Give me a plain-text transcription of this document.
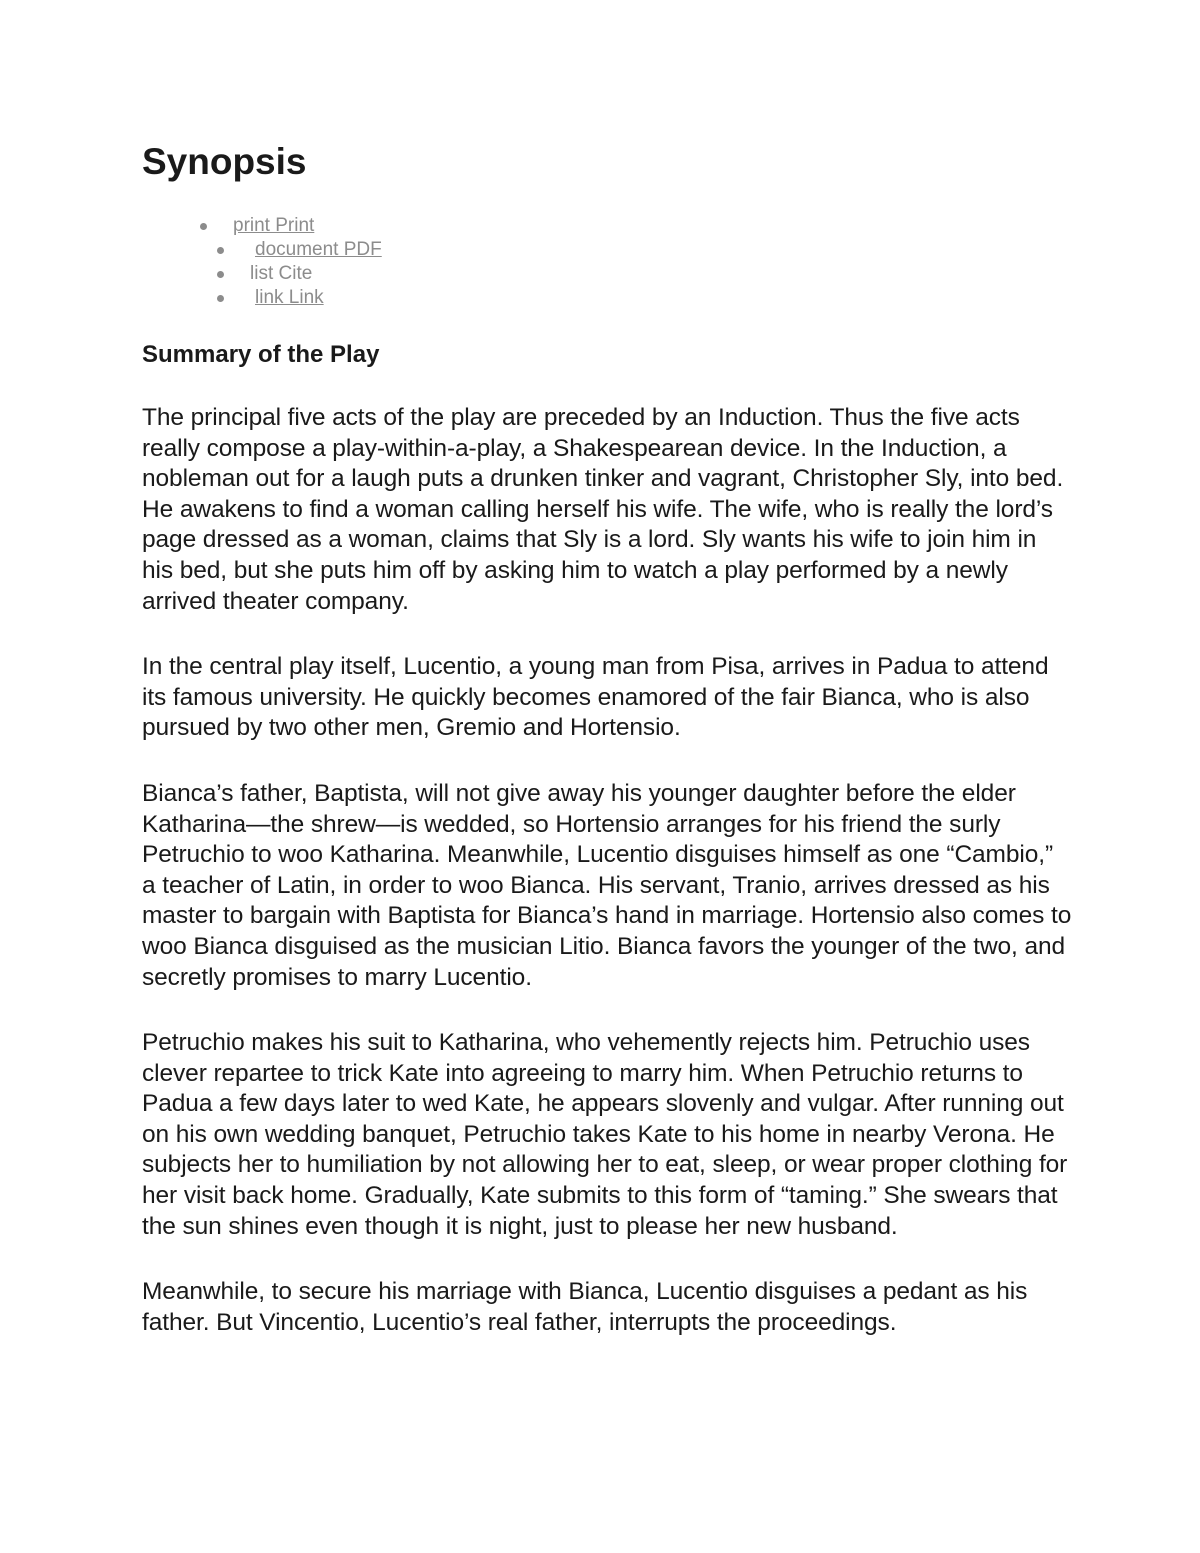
Synopsis
print Print
document PDF
list Cite
link Link
Summary of the Play

The principal five acts of the play are preceded by an Induction. Thus the five acts really compose a play-within-a-play, a Shakespearean device. In the Induction, a nobleman out for a laugh puts a drunken tinker and vagrant, Christopher Sly, into bed. He awakens to find a woman calling herself his wife. The wife, who is really the lord’s page dressed as a woman, claims that Sly is a lord. Sly wants his wife to join him in his bed, but she puts him off by asking him to watch a play performed by a newly arrived theater company.

In the central play itself, Lucentio, a young man from Pisa, arrives in Padua to attend its famous university. He quickly becomes enamored of the fair Bianca, who is also pursued by two other men, Gremio and Hortensio.

Bianca’s father, Baptista, will not give away his younger daughter before the elder Katharina—the shrew—is wedded, so Hortensio arranges for his friend the surly Petruchio to woo Katharina. Meanwhile, Lucentio disguises himself as one “Cambio,” a teacher of Latin, in order to woo Bianca. His servant, Tranio, arrives dressed as his master to bargain with Baptista for Bianca’s hand in marriage. Hortensio also comes to woo Bianca disguised as the musician Litio. Bianca favors the younger of the two, and secretly promises to marry Lucentio.

Petruchio makes his suit to Katharina, who vehemently rejects him. Petruchio uses clever repartee to trick Kate into agreeing to marry him. When Petruchio returns to Padua a few days later to wed Kate, he appears slovenly and vulgar. After running out on his own wedding banquet, Petruchio takes Kate to his home in nearby Verona. He subjects her to humiliation by not allowing her to eat, sleep, or wear proper clothing for her visit back home. Gradually, Kate submits to this form of “taming.” She swears that the sun shines even though it is night, just to please her new husband.

Meanwhile, to secure his marriage with Bianca, Lucentio disguises a pedant as his father. But Vincentio, Lucentio’s real father, interrupts the proceedings.
